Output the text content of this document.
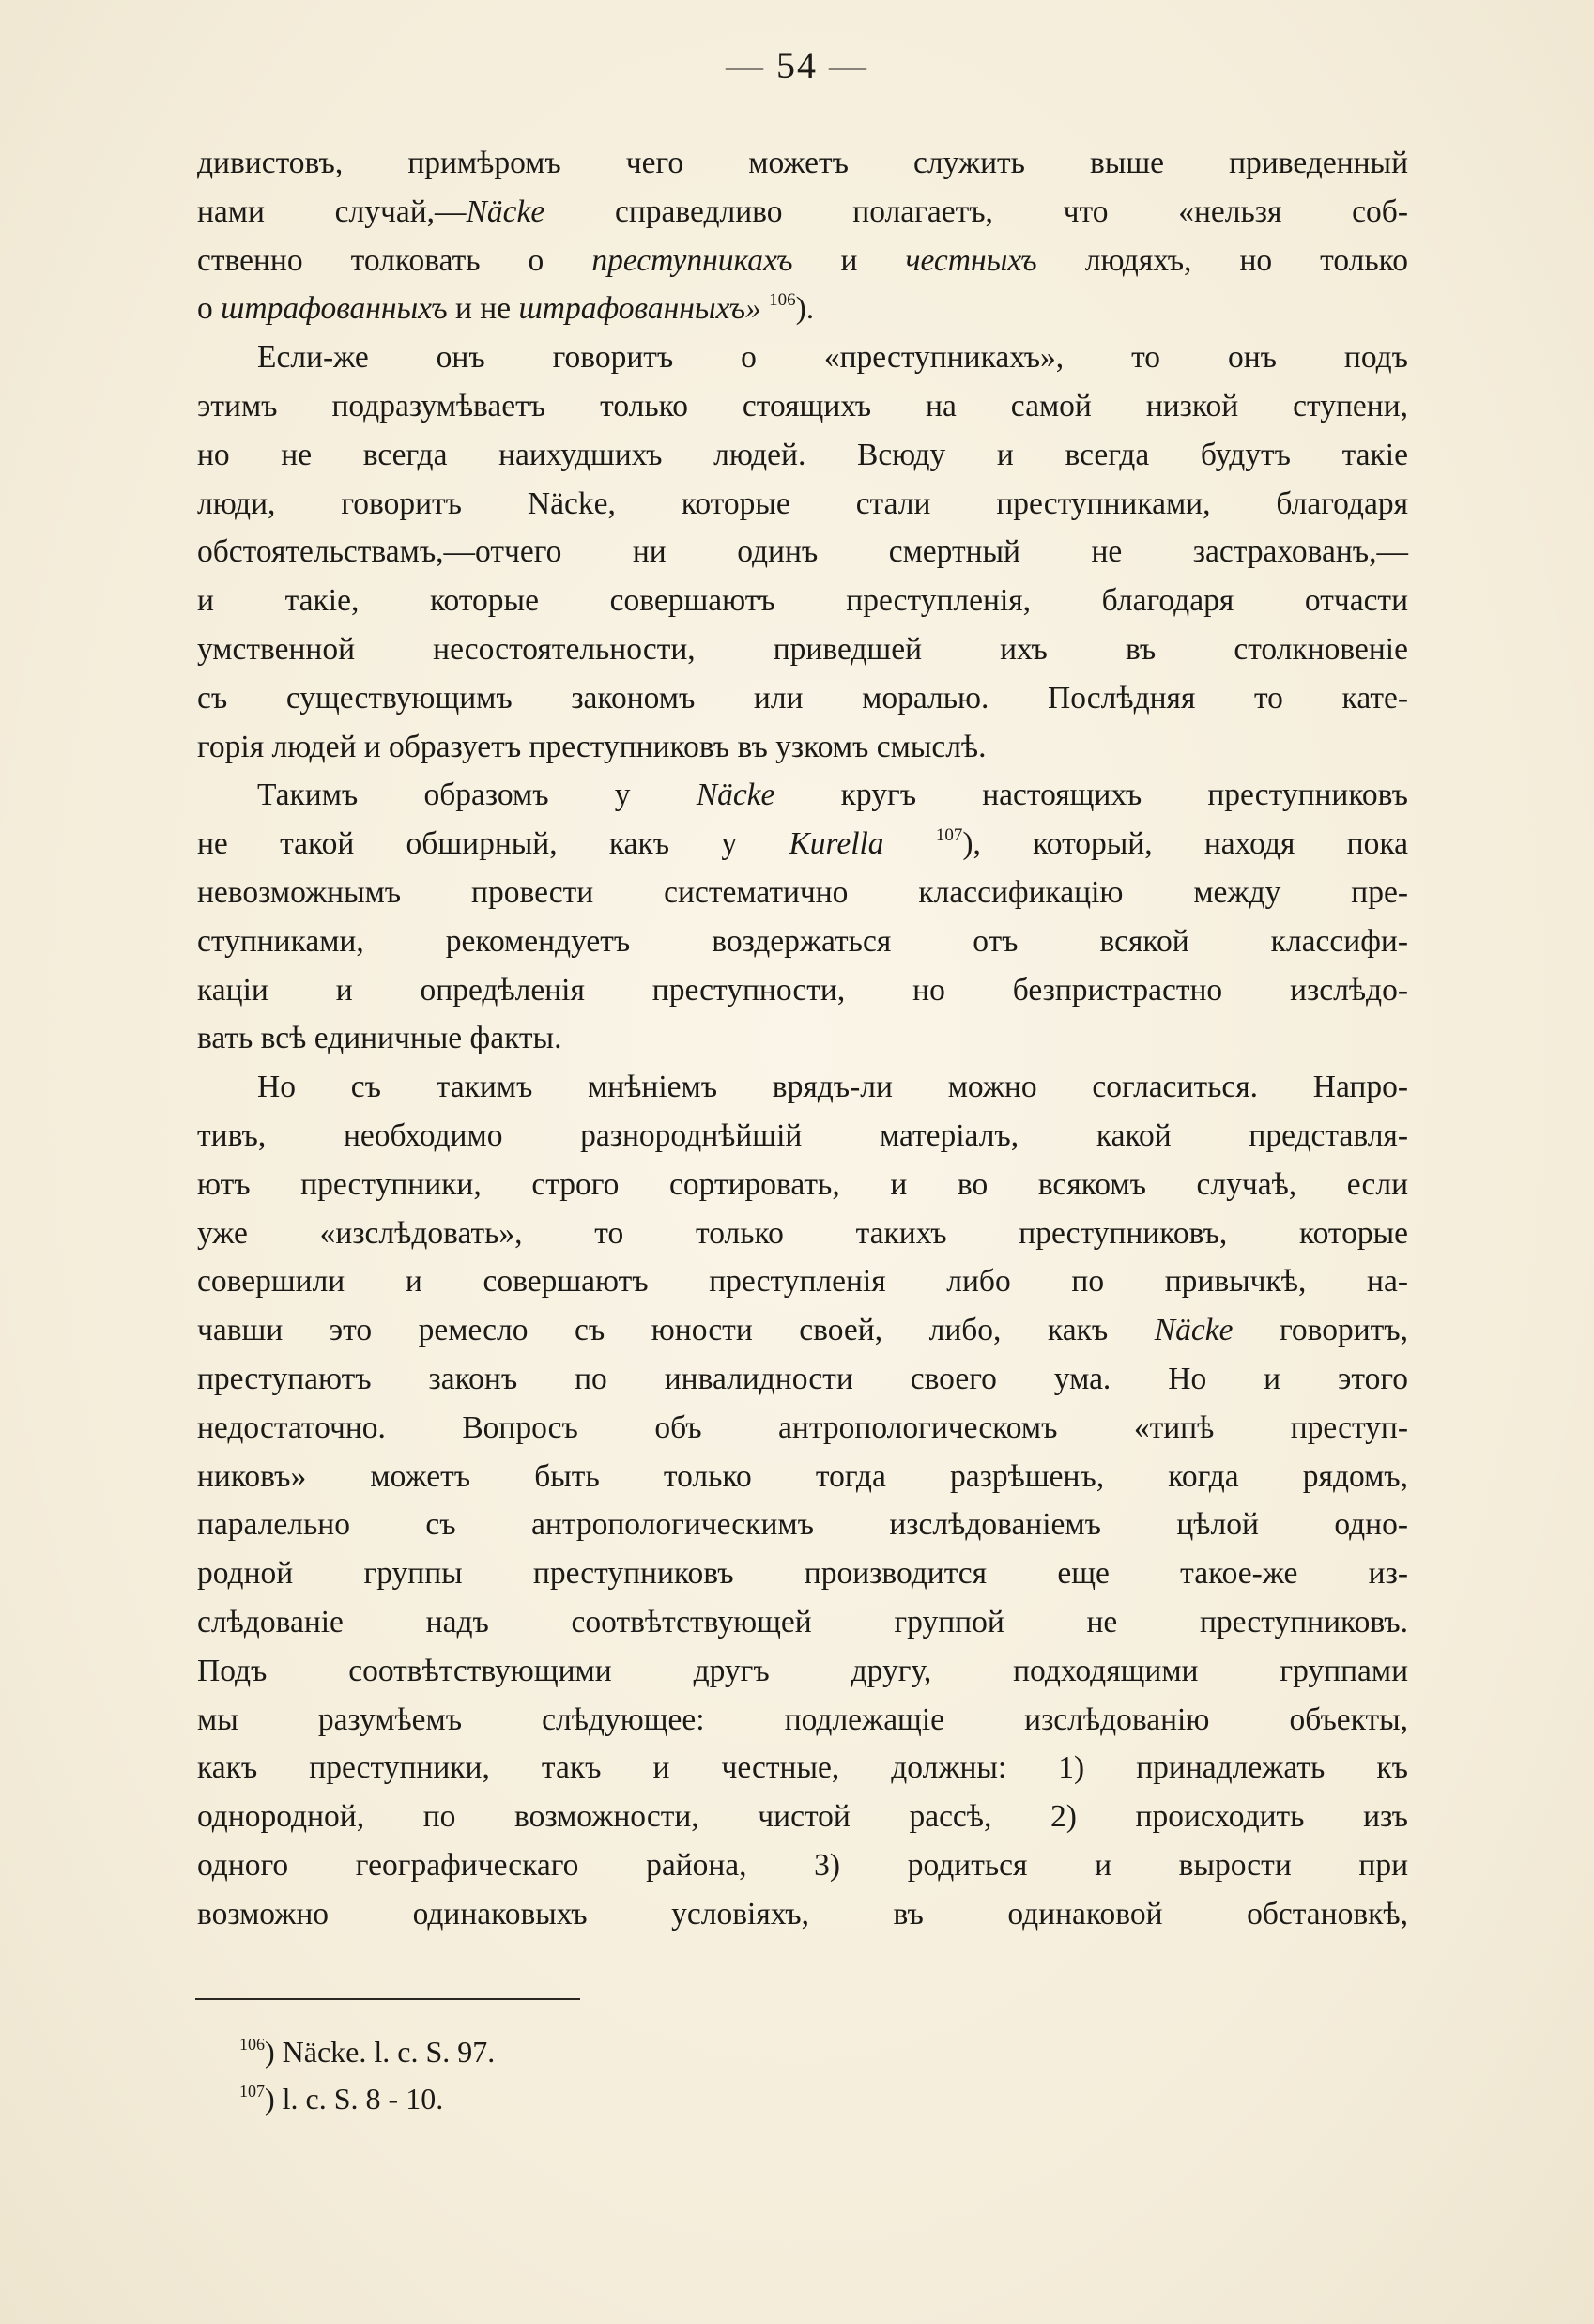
— 54 —
дивистовъ, примѣромъ чего можетъ служить выше приведенный
нами случай,—Näcke справедливо полагаетъ, что «нельзя соб-
ственно толковать о преступникахъ и честныхъ людяхъ, но только
о штрафованныхъ и не штрафованныхъ» $^{106}$).
Если-же онъ говоритъ о «преступникахъ», то онъ подъ
этимъ подразумѣваетъ только стоящихъ на самой низкой ступени,
но не всегда наихудшихъ людей. Всюду и всегда будутъ такіе
люди, говоритъ Näcke, которые стали преступниками, благодаря
обстоятельствамъ,—отчего ни одинъ смертный не застрахованъ,—
и такіе, которые совершаютъ преступленія, благодаря отчасти
умственной несостоятельности, приведшей ихъ въ столкновеніе
съ существующимъ закономъ или моралью. Послѣдняя то кате-
горія людей и образуетъ преступниковъ въ узкомъ смыслѣ.
Такимъ образомъ у Näcke кругъ настоящихъ преступниковъ
не такой обширный, какъ у Kurella	$^{107}$), который, находя пока
невозможнымъ провести систематично классификацію между пре-
ступниками, рекомендуетъ воздержаться отъ всякой классифи-
каціи и опредѣленія преступности, но безпристрастно изслѣдо-
вать всѣ единичные факты.
Но съ такимъ мнѣніемъ врядъ-ли можно согласиться. Напро-
тивъ, необходимо разнороднѣйшій матеріалъ, какой представля-
ютъ преступники, строго сортировать, и во всякомъ случаѣ, если
уже «изслѣдовать», то только такихъ преступниковъ, которые
совершили и совершаютъ преступленія либо по привычкѣ, на-
чавши это ремесло съ юности своей, либо, какъ Näcke говоритъ,
преступаютъ законъ по инвалидности своего ума. Но и этого
недостаточно. Вопросъ объ антропологическомъ «типѣ преступ-
никовъ» можетъ быть только тогда разрѣшенъ, когда рядомъ,
паралельно съ антропологическимъ изслѣдованіемъ цѣлой одно-
родной группы преступниковъ производится еще такое-же из-
слѣдованіе надъ соотвѣтствующей группой не преступниковъ.
Подъ соотвѣтствующими другъ другу, подходящими группами
мы разумѣемъ слѣдующее: подлежащіе изслѣдованію объекты,
какъ преступники, такъ и честные, должны: 1) принадлежать къ
однородной, по возможности, чистой рассѣ, 2) происходить изъ
одного географическаго района, 3) родиться и вырости при
возможно одинаковыхъ условіяхъ, въ одинаковой обстановкѣ,
$^{106}$) Näcke. l. c. S. 97.
$^{107}$) l. c. S. 8 - 10.
